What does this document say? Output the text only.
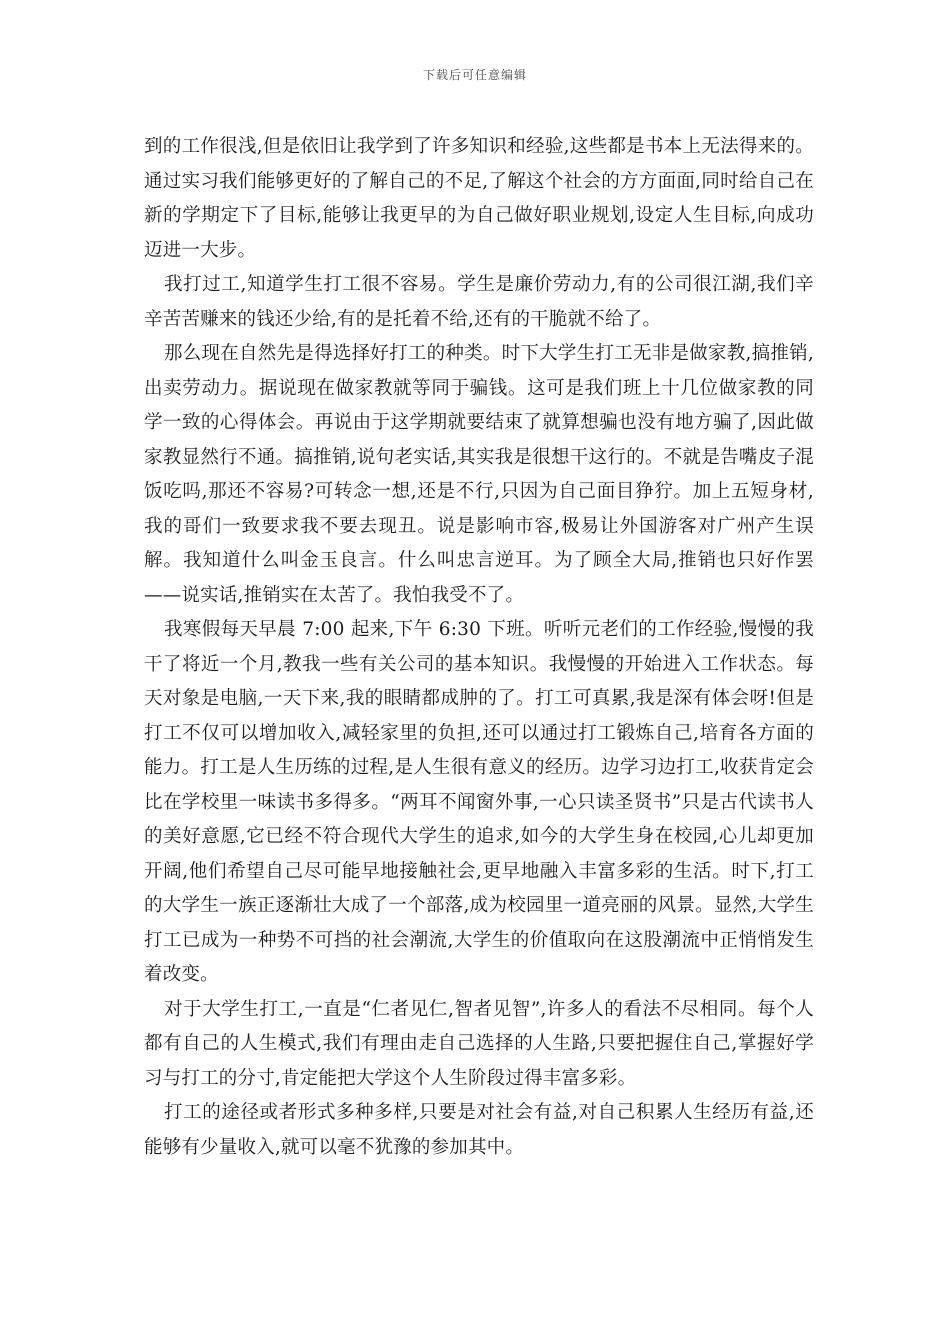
下载后可任意编辑

到的工作很浅,但是依旧让我学到了许多知识和经验,这些都是书本上无法得来的。通过实习我们能够更好的了解自己的不足,了解这个社会的方方面面,同时给自己在新的学期定下了目标,能够让我更早的为自己做好职业规划,设定人生目标,向成功迈进一大步。

我打过工,知道学生打工很不容易。学生是廉价劳动力,有的公司很江湖,我们辛辛苦苦赚来的钱还少给,有的是托着不给,还有的干脆就不给了。

那么现在自然先是得选择好打工的种类。时下大学生打工无非是做家教,搞推销,出卖劳动力。据说现在做家教就等同于骗钱。这可是我们班上十几位做家教的同学一致的心得体会。再说由于这学期就要结束了就算想骗也没有地方骗了,因此做家教显然行不通。搞推销,说句老实话,其实我是很想干这行的。不就是告嘴皮子混饭吃吗,那还不容易?可转念一想,还是不行,只因为自己面目狰狞。加上五短身材,我的哥们一致要求我不要去现丑。说是影响市容,极易让外国游客对广州产生误解。我知道什么叫金玉良言。什么叫忠言逆耳。为了顾全大局,推销也只好作罢——说实话,推销实在太苦了。我怕我受不了。

我寒假每天早晨 7:00 起来,下午 6:30 下班。听听元老们的工作经验,慢慢的我干了将近一个月,教我一些有关公司的基本知识。我慢慢的开始进入工作状态。每天对象是电脑,一天下来,我的眼睛都成肿的了。打工可真累,我是深有体会呀!但是打工不仅可以增加收入,减轻家里的负担,还可以通过打工锻炼自己,培育各方面的能力。打工是人生历练的过程,是人生很有意义的经历。边学习边打工,收获肯定会比在学校里一味读书多得多。“两耳不闻窗外事,一心只读圣贤书”只是古代读书人的美好意愿,它已经不符合现代大学生的追求,如今的大学生身在校园,心儿却更加开阔,他们希望自己尽可能早地接触社会,更早地融入丰富多彩的生活。时下,打工的大学生一族正逐渐壮大成了一个部落,成为校园里一道亮丽的风景。显然,大学生打工已成为一种势不可挡的社会潮流,大学生的价值取向在这股潮流中正悄悄发生着改变。

对于大学生打工,一直是“仁者见仁,智者见智”,许多人的看法不尽相同。每个人都有自己的人生模式,我们有理由走自己选择的人生路,只要把握住自己,掌握好学习与打工的分寸,肯定能把大学这个人生阶段过得丰富多彩。

打工的途径或者形式多种多样,只要是对社会有益,对自己积累人生经历有益,还能够有少量收入,就可以毫不犹豫的参加其中。
